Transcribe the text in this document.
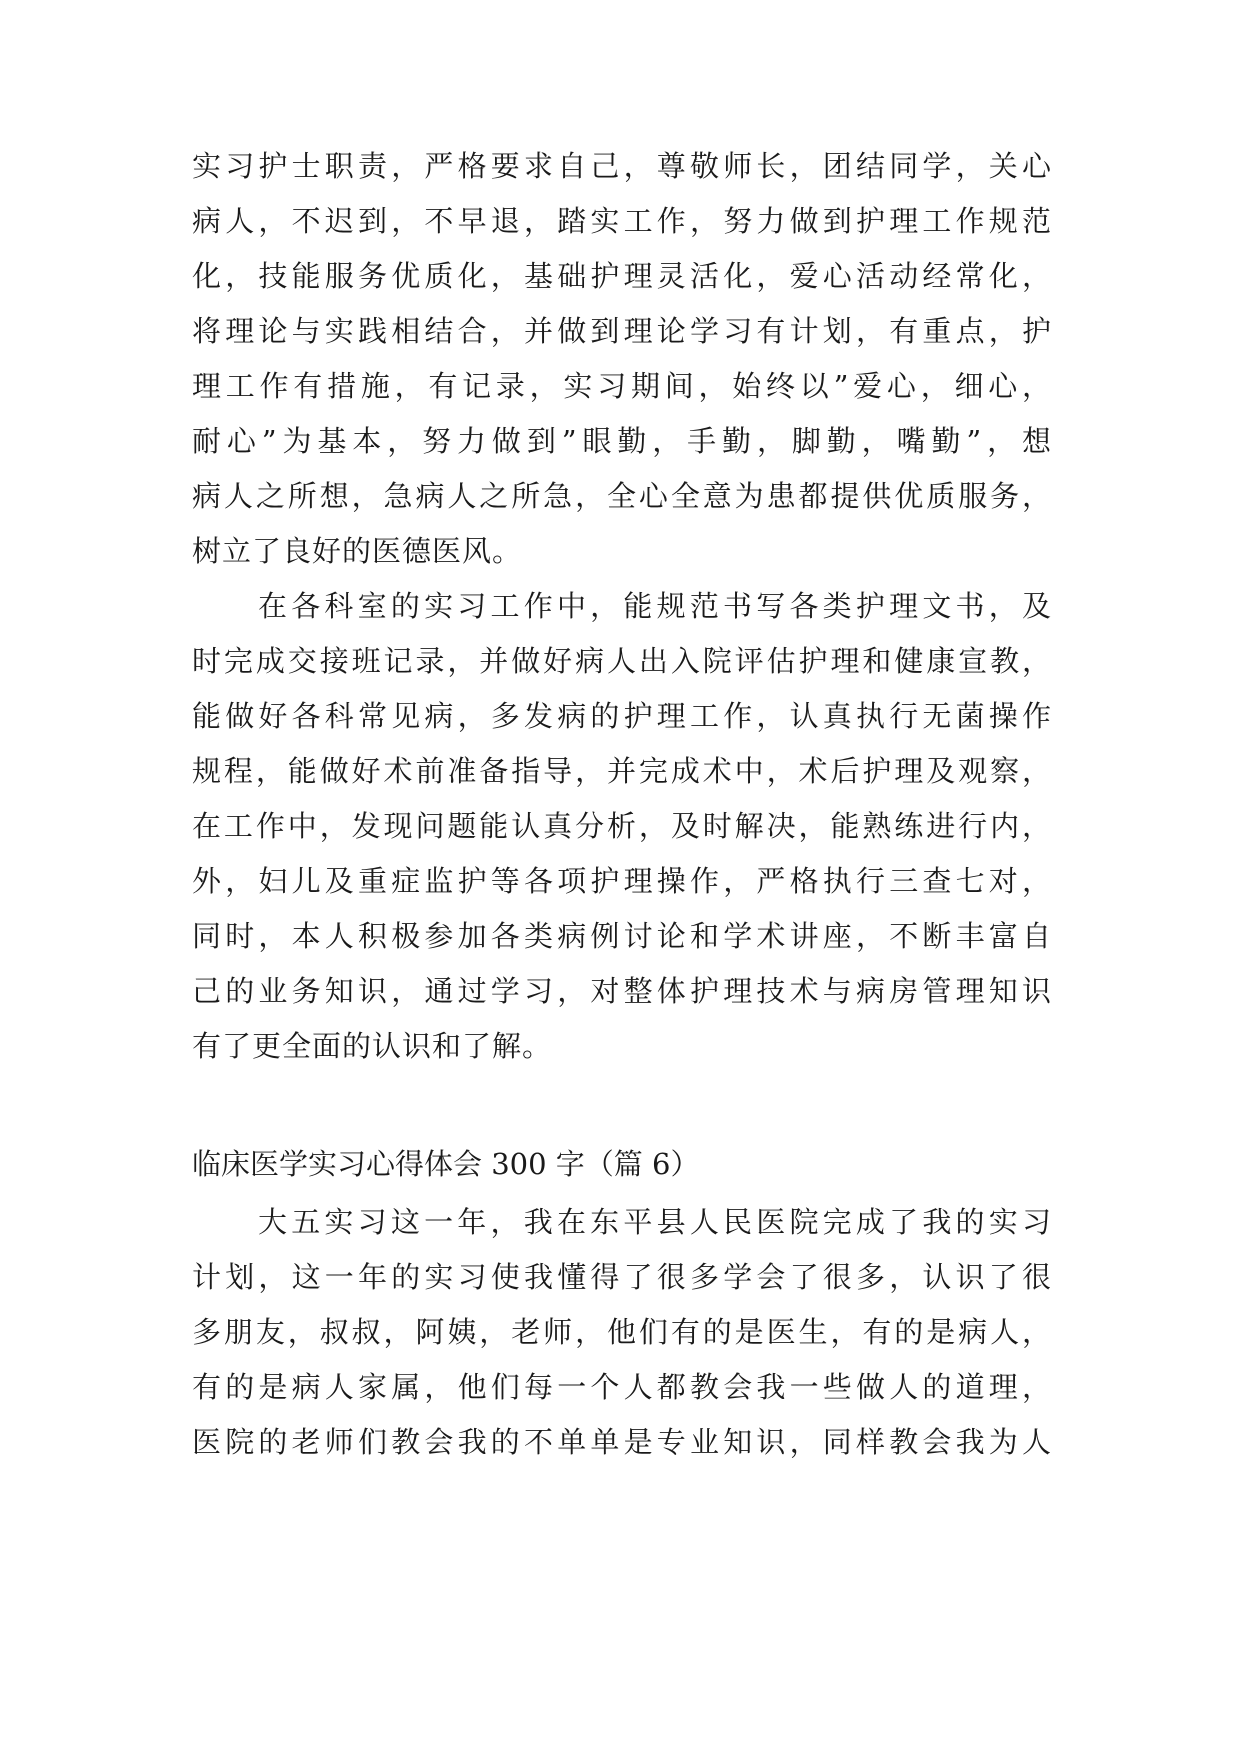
实习护士职责，严格要求自己，尊敬师长，团结同学，关心
病人，不迟到，不早退，踏实工作，努力做到护理工作规范
化，技能服务优质化，基础护理灵活化，爱心活动经常化，
将理论与实践相结合，并做到理论学习有计划，有重点，护
理工作有措施，有记录，实习期间，始终以”爱心，细心，
耐心”为基本，努力做到”眼勤，手勤，脚勤，嘴勤”，想
病人之所想，急病人之所急，全心全意为患都提供优质服务，
树立了良好的医德医风。
在各科室的实习工作中，能规范书写各类护理文书，及
时完成交接班记录，并做好病人出入院评估护理和健康宣教，
能做好各科常见病，多发病的护理工作，认真执行无菌操作
规程，能做好术前准备指导，并完成术中，术后护理及观察，
在工作中，发现问题能认真分析，及时解决，能熟练进行内，
外，妇儿及重症监护等各项护理操作，严格执行三查七对，
同时，本人积极参加各类病例讨论和学术讲座，不断丰富自
己的业务知识，通过学习，对整体护理技术与病房管理知识
有了更全面的认识和了解。
临床医学实习心得体会 300 字（篇 6）
大五实习这一年，我在东平县人民医院完成了我的实习
计划，这一年的实习使我懂得了很多学会了很多，认识了很
多朋友，叔叔，阿姨，老师，他们有的是医生，有的是病人，
有的是病人家属，他们每一个人都教会我一些做人的道理，
医院的老师们教会我的不单单是专业知识，同样教会我为人
